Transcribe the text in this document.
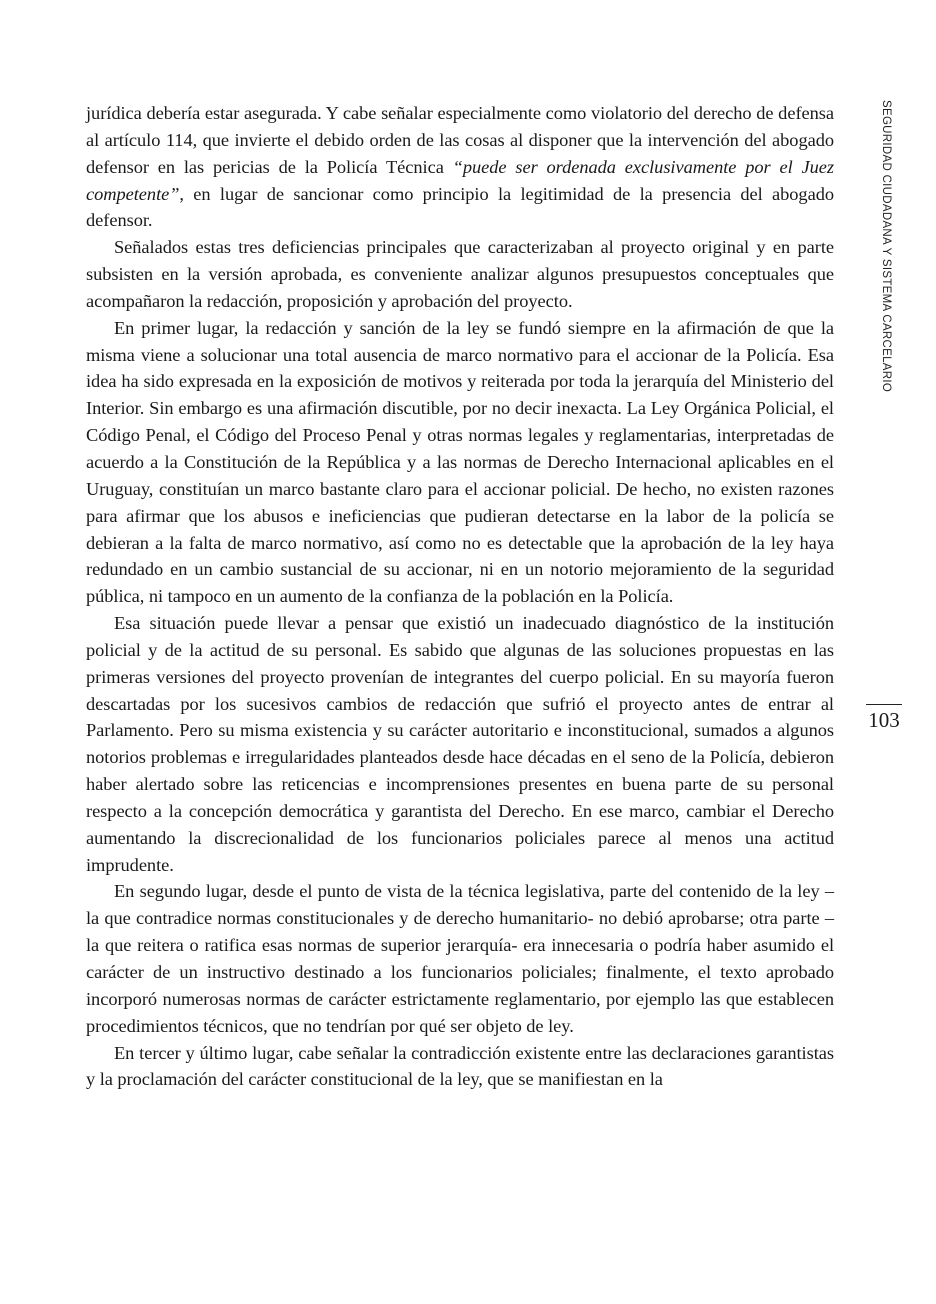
jurídica debería estar asegurada. Y cabe señalar especialmente como violatorio del derecho de defensa al artículo 114, que invierte el debido orden de las cosas al disponer que la intervención del abogado defensor en las pericias de la Policía Técnica “puede ser ordenada exclusivamente por el Juez competente”, en lugar de sancionar como principio la legitimidad de la presencia del abogado defensor.

Señalados estas tres deficiencias principales que caracterizaban al proyecto original y en parte subsisten en la versión aprobada, es conveniente analizar algunos presupuestos conceptuales que acompañaron la redacción, proposición y aprobación del proyecto.

En primer lugar, la redacción y sanción de la ley se fundó siempre en la afirmación de que la misma viene a solucionar una total ausencia de marco normativo para el accionar de la Policía. Esa idea ha sido expresada en la exposición de motivos y reiterada por toda la jerarquía del Ministerio del Interior. Sin embargo es una afirmación discutible, por no decir inexacta. La Ley Orgánica Policial, el Código Penal, el Código del Proceso Penal y otras normas legales y reglamentarias, interpretadas de acuerdo a la Constitución de la República y a las normas de Derecho Internacional aplicables en el Uruguay, constituían un marco bastante claro para el accionar policial. De hecho, no existen razones para afirmar que los abusos e ineficiencias que pudieran detectarse en la labor de la policía se debieran a la falta de marco normativo, así como no es detectable que la aprobación de la ley haya redundado en un cambio sustancial de su accionar, ni en un notorio mejoramiento de la seguridad pública, ni tampoco en un aumento de la confianza de la población en la Policía.

Esa situación puede llevar a pensar que existió un inadecuado diagnóstico de la institución policial y de la actitud de su personal. Es sabido que algunas de las soluciones propuestas en las primeras versiones del proyecto provenían de integrantes del cuerpo policial. En su mayoría fueron descartadas por los sucesivos cambios de redacción que sufrió el proyecto antes de entrar al Parlamento. Pero su misma existencia y su carácter autoritario e inconstitucional, sumados a algunos notorios problemas e irregularidades planteados desde hace décadas en el seno de la Policía, debieron haber alertado sobre las reticencias e incomprensiones presentes en buena parte de su personal respecto a la concepción democrática y garantista del Derecho. En ese marco, cambiar el Derecho aumentando la discrecionalidad de los funcionarios policiales parece al menos una actitud imprudente.

En segundo lugar, desde el punto de vista de la técnica legislativa, parte del contenido de la ley –la que contradice normas constitucionales y de derecho humanitario- no debió aprobarse; otra parte –la que reitera o ratifica esas normas de superior jerarquía- era innecesaria o podría haber asumido el carácter de un instructivo destinado a los funcionarios policiales; finalmente, el texto aprobado incorporó numerosas normas de carácter estrictamente reglamentario, por ejemplo las que establecen procedimientos técnicos, que no tendrían por qué ser objeto de ley.

En tercer y último lugar, cabe señalar la contradicción existente entre las declaraciones garantistas y la proclamación del carácter constitucional de la ley, que se manifiestan en la

SEGURIDAD CIUDADANA Y SISTEMA CARCELARIO
103
